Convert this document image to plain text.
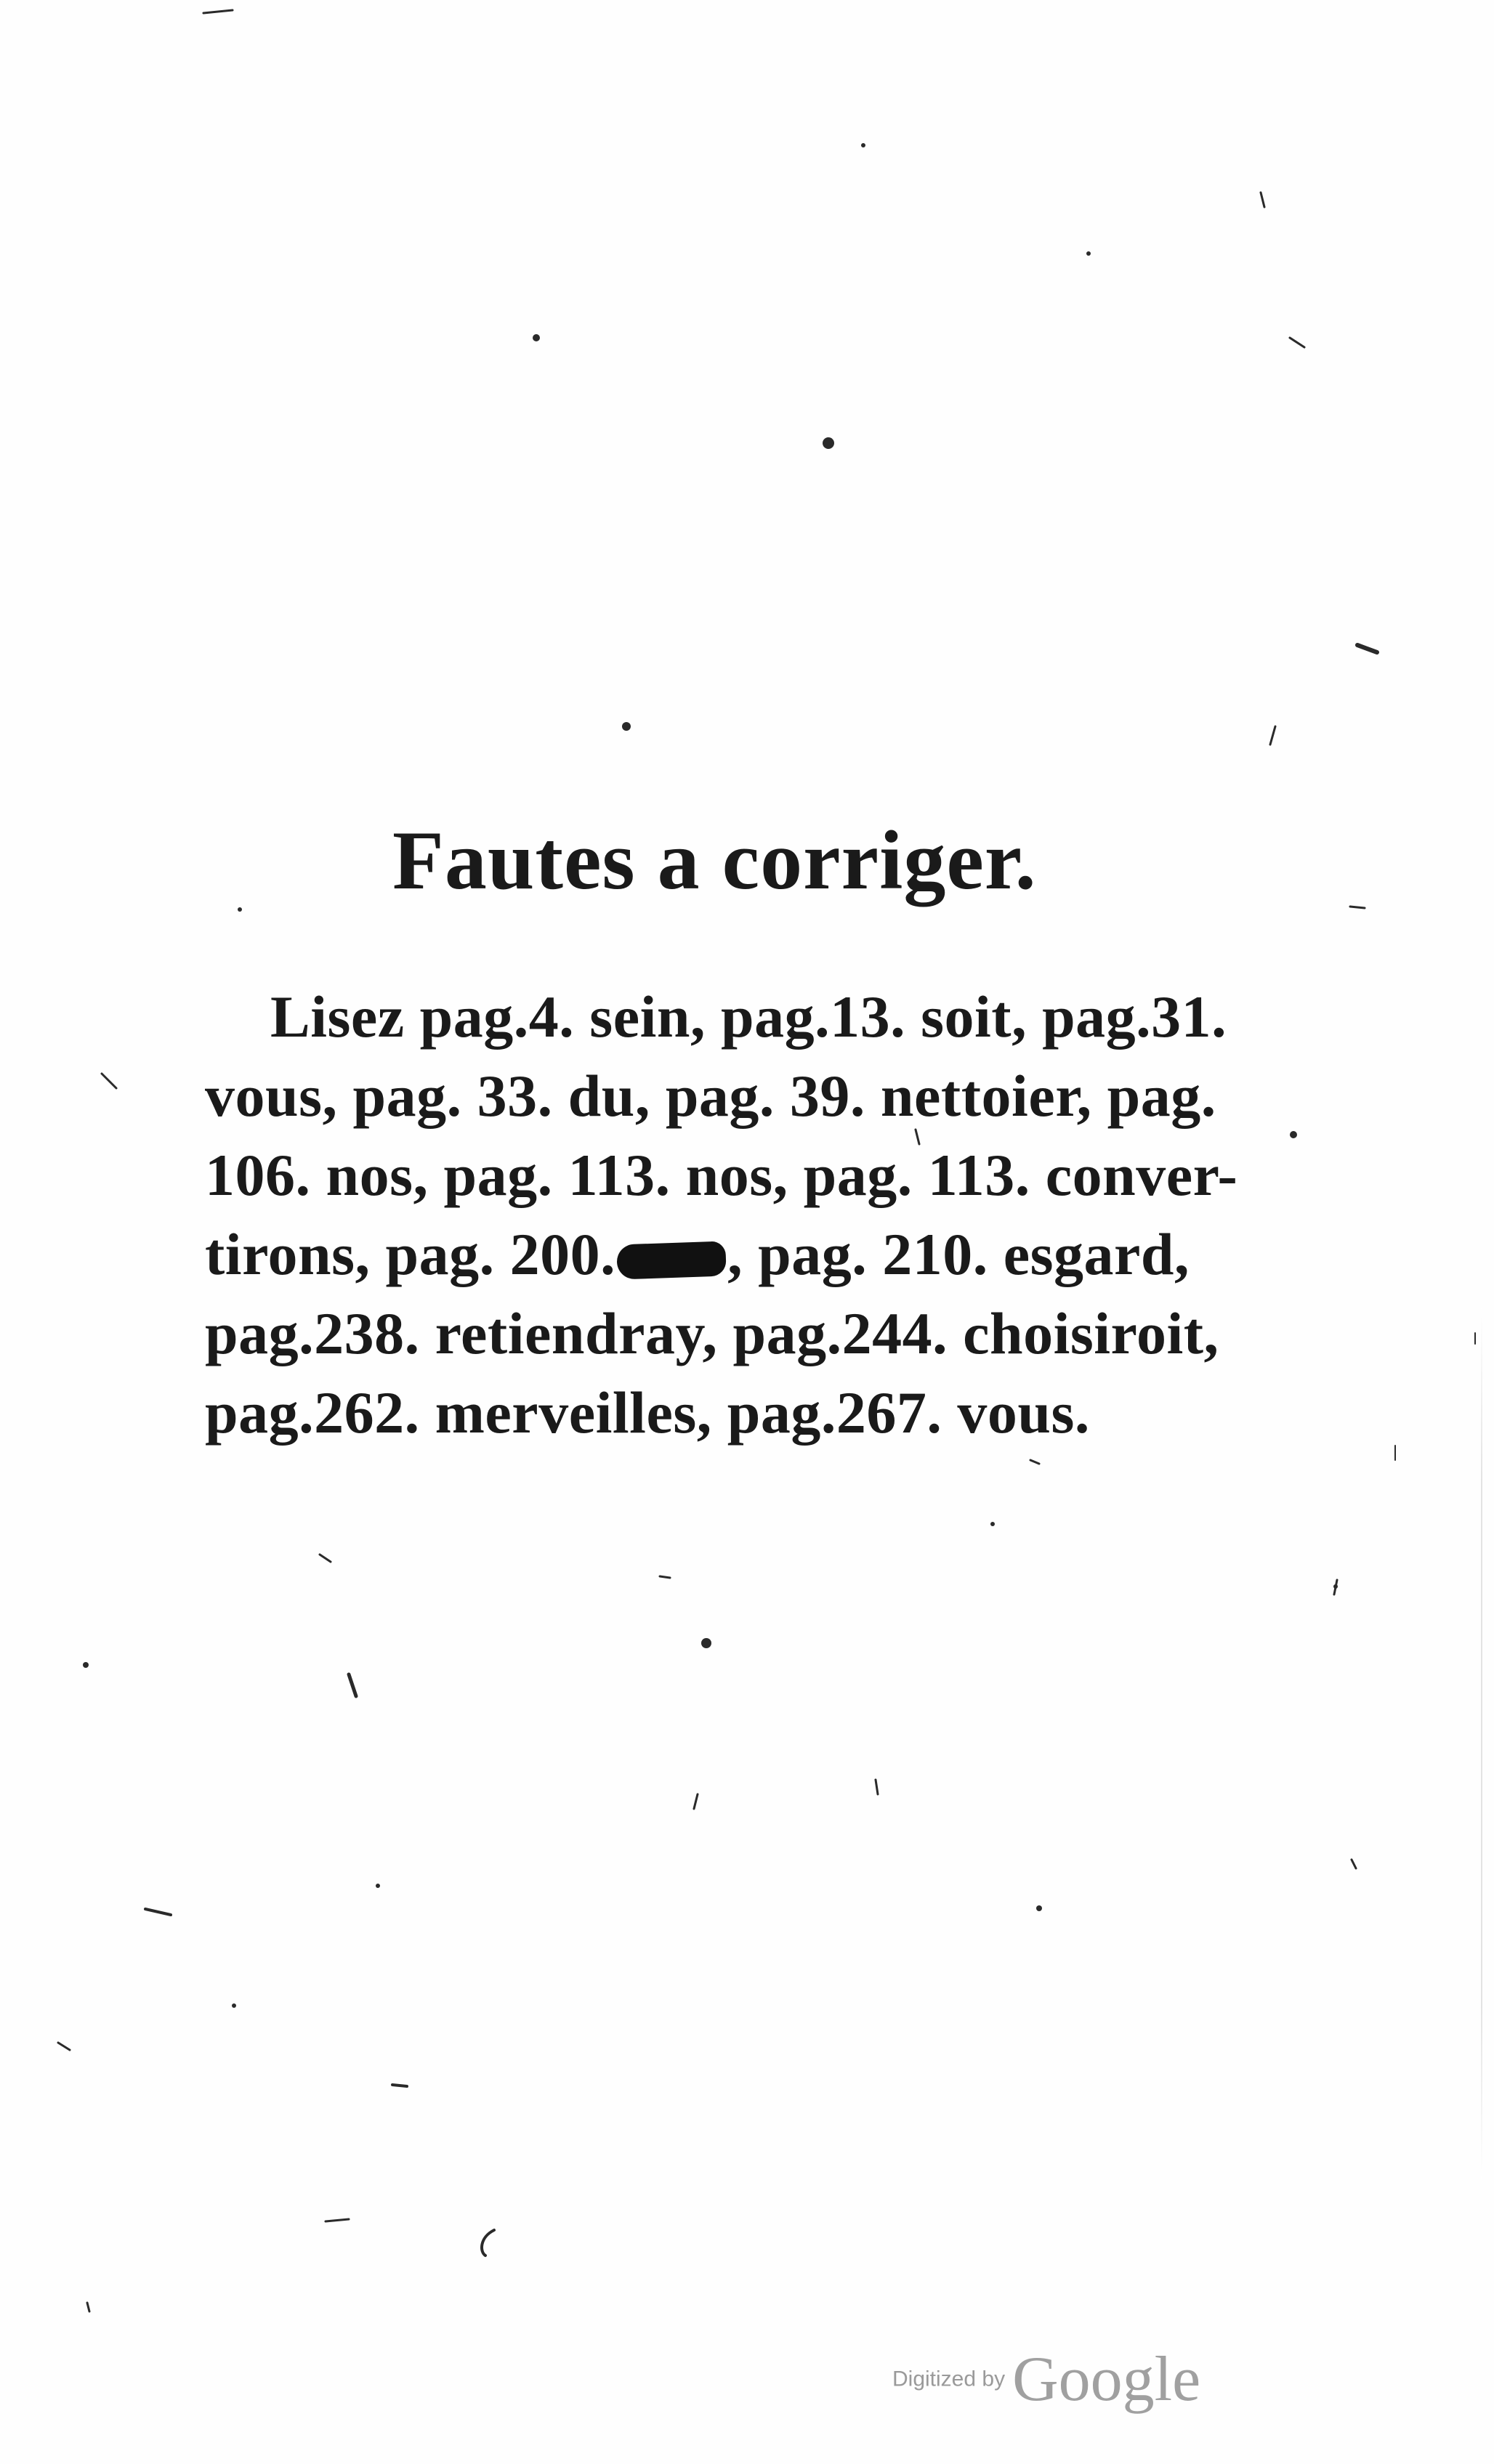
Fautes a corriger.
Lisez pag.4. sein, pag.13. soit, pag.31.
vous, pag. 33. du, pag. 39. nettoier, pag.
106. nos, pag. 113. nos, pag. 113. conver-
tirons, pag. 200. , pag. 210. esgard,
pag.238. retiendray, pag.244. choisiroit,
pag.262. merveilles, pag.267. vous.
Digitized by Google
